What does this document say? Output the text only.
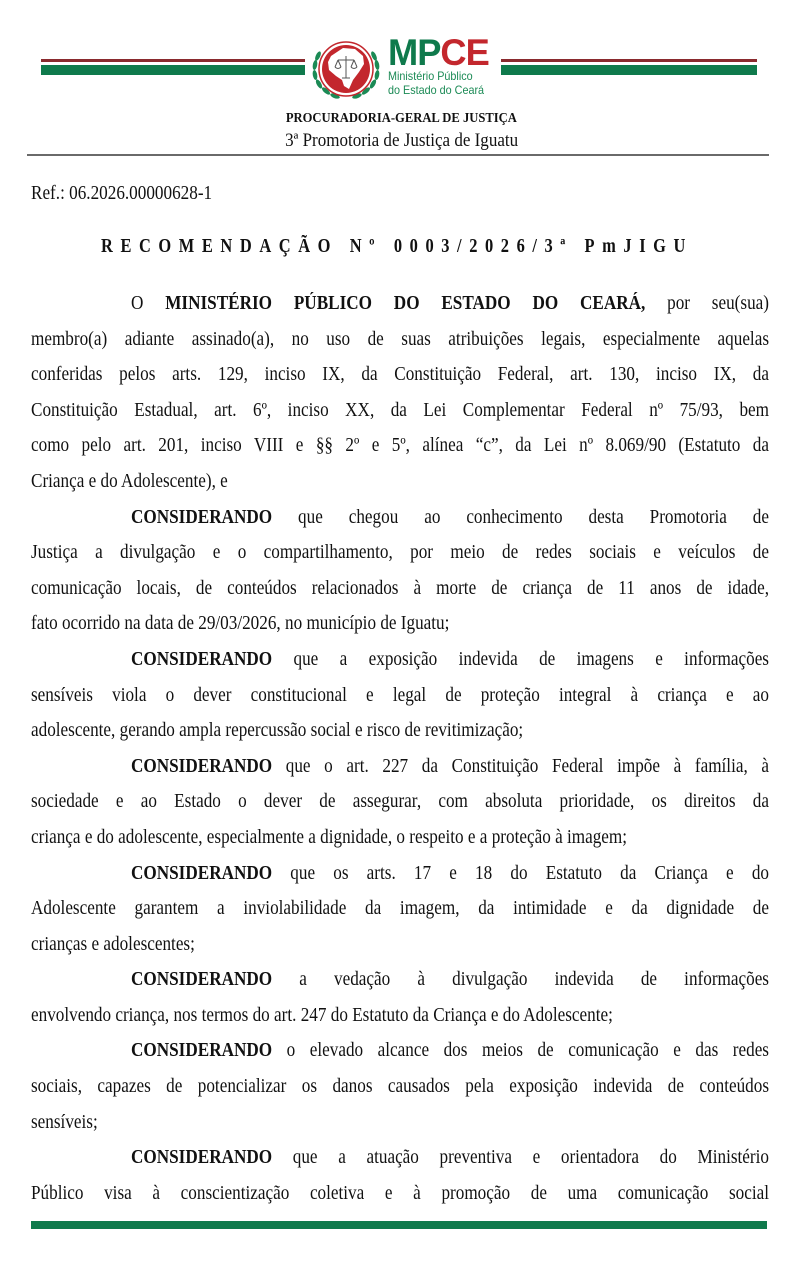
MPCE
Ministério Público
do Estado do Ceará
PROCURADORIA-GERAL DE JUSTIÇA
3ª Promotoria de Justiça de Iguatu
Ref.: 06.2026.00000628-1
RECOMENDAÇÃO Nº 0003/2026/3ª PmJIGU
O MINISTÉRIO PÚBLICO DO ESTADO DO CEARÁ, por seu(sua)
membro(a) adiante assinado(a), no uso de suas atribuições legais, especialmente aquelas
conferidas pelos arts. 129, inciso IX, da Constituição Federal, art. 130, inciso IX, da
Constituição Estadual, art. 6º, inciso XX, da Lei Complementar Federal nº 75/93, bem
como pelo art. 201, inciso VIII e §§ 2º e 5º, alínea “c”, da Lei nº 8.069/90 (Estatuto da
Criança e do Adolescente), e
CONSIDERANDO que chegou ao conhecimento desta Promotoria de
Justiça a divulgação e o compartilhamento, por meio de redes sociais e veículos de
comunicação locais, de conteúdos relacionados à morte de criança de 11 anos de idade,
fato ocorrido na data de 29/03/2026, no município de Iguatu;
CONSIDERANDO que a exposição indevida de imagens e informações
sensíveis viola o dever constitucional e legal de proteção integral à criança e ao
adolescente, gerando ampla repercussão social e risco de revitimização;
CONSIDERANDO que o art. 227 da Constituição Federal impõe à família, à
sociedade e ao Estado o dever de assegurar, com absoluta prioridade, os direitos da
criança e do adolescente, especialmente a dignidade, o respeito e a proteção à imagem;
CONSIDERANDO que os arts. 17 e 18 do Estatuto da Criança e do
Adolescente garantem a inviolabilidade da imagem, da intimidade e da dignidade de
crianças e adolescentes;
CONSIDERANDO a vedação à divulgação indevida de informações
envolvendo criança, nos termos do art. 247 do Estatuto da Criança e do Adolescente;
CONSIDERANDO o elevado alcance dos meios de comunicação e das redes
sociais, capazes de potencializar os danos causados pela exposição indevida de conteúdos
sensíveis;
CONSIDERANDO que a atuação preventiva e orientadora do Ministério
Público visa à conscientização coletiva e à promoção de uma comunicação social
